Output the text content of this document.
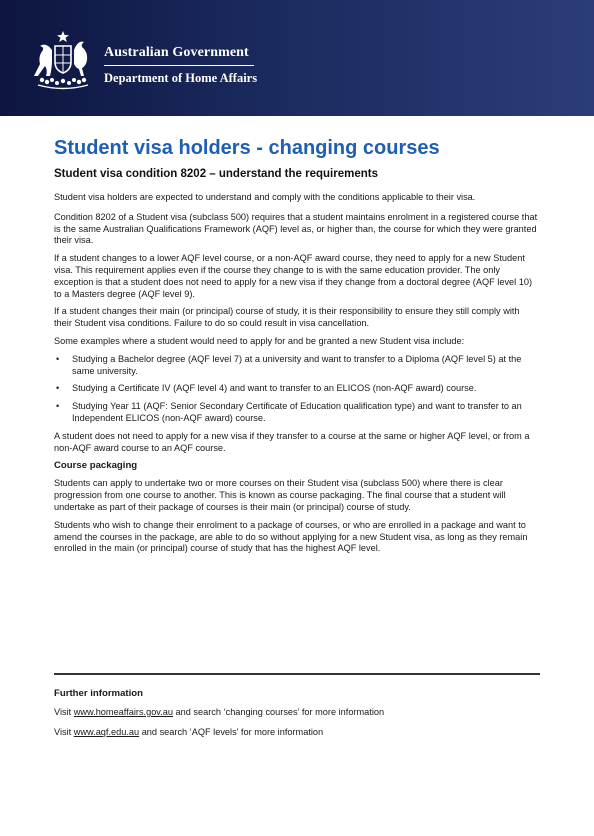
Australian Government
Department of Home Affairs
Student visa holders - changing courses
Student visa condition 8202 – understand the requirements

Student visa holders are expected to understand and comply with the conditions applicable to their visa.

Condition 8202 of a Student visa (subclass 500) requires that a student maintains enrolment in a registered course that is the same Australian Qualifications Framework (AQF) level as, or higher than, the course for which they were granted their visa.

If a student changes to a lower AQF level course, or a non-AQF award course, they need to apply for a new Student visa. This requirement applies even if the course they change to is with the same education provider. The only exception is that a student does not need to apply for a new visa if they change from a doctoral degree (AQF level 10) to a Masters degree (AQF level 9).

If a student changes their main (or principal) course of study, it is their responsibility to ensure they still comply with their Student visa conditions. Failure to do so could result in visa cancellation.

Some examples where a student would need to apply for and be granted a new Student visa include:

• Studying a Bachelor degree (AQF level 7) at a university and want to transfer to a Diploma (AQF level 5) at the same university.
• Studying a Certificate IV (AQF level 4) and want to transfer to an ELICOS (non-AQF award) course.
• Studying Year 11 (AQF: Senior Secondary Certificate of Education qualification type) and want to transfer to an Independent ELICOS (non-AQF award) course.

A student does not need to apply for a new visa if they transfer to a course at the same or higher AQF level, or from a non-AQF award course to an AQF course.

Course packaging

Students can apply to undertake two or more courses on their Student visa (subclass 500) where there is clear progression from one course to another. This is known as course packaging. The final course that a student will undertake as part of their package of courses is their main (or principal) course of study.

Students who wish to change their enrolment to a package of courses, or who are enrolled in a package and want to amend the courses in the package, are able to do so without applying for a new Student visa, as long as they remain enrolled in the main (or principal) course of study that has the highest AQF level.

Further information

Visit www.homeaffairs.gov.au and search ‘changing courses’ for more information

Visit www.aqf.edu.au and search ‘AQF levels’ for more information
